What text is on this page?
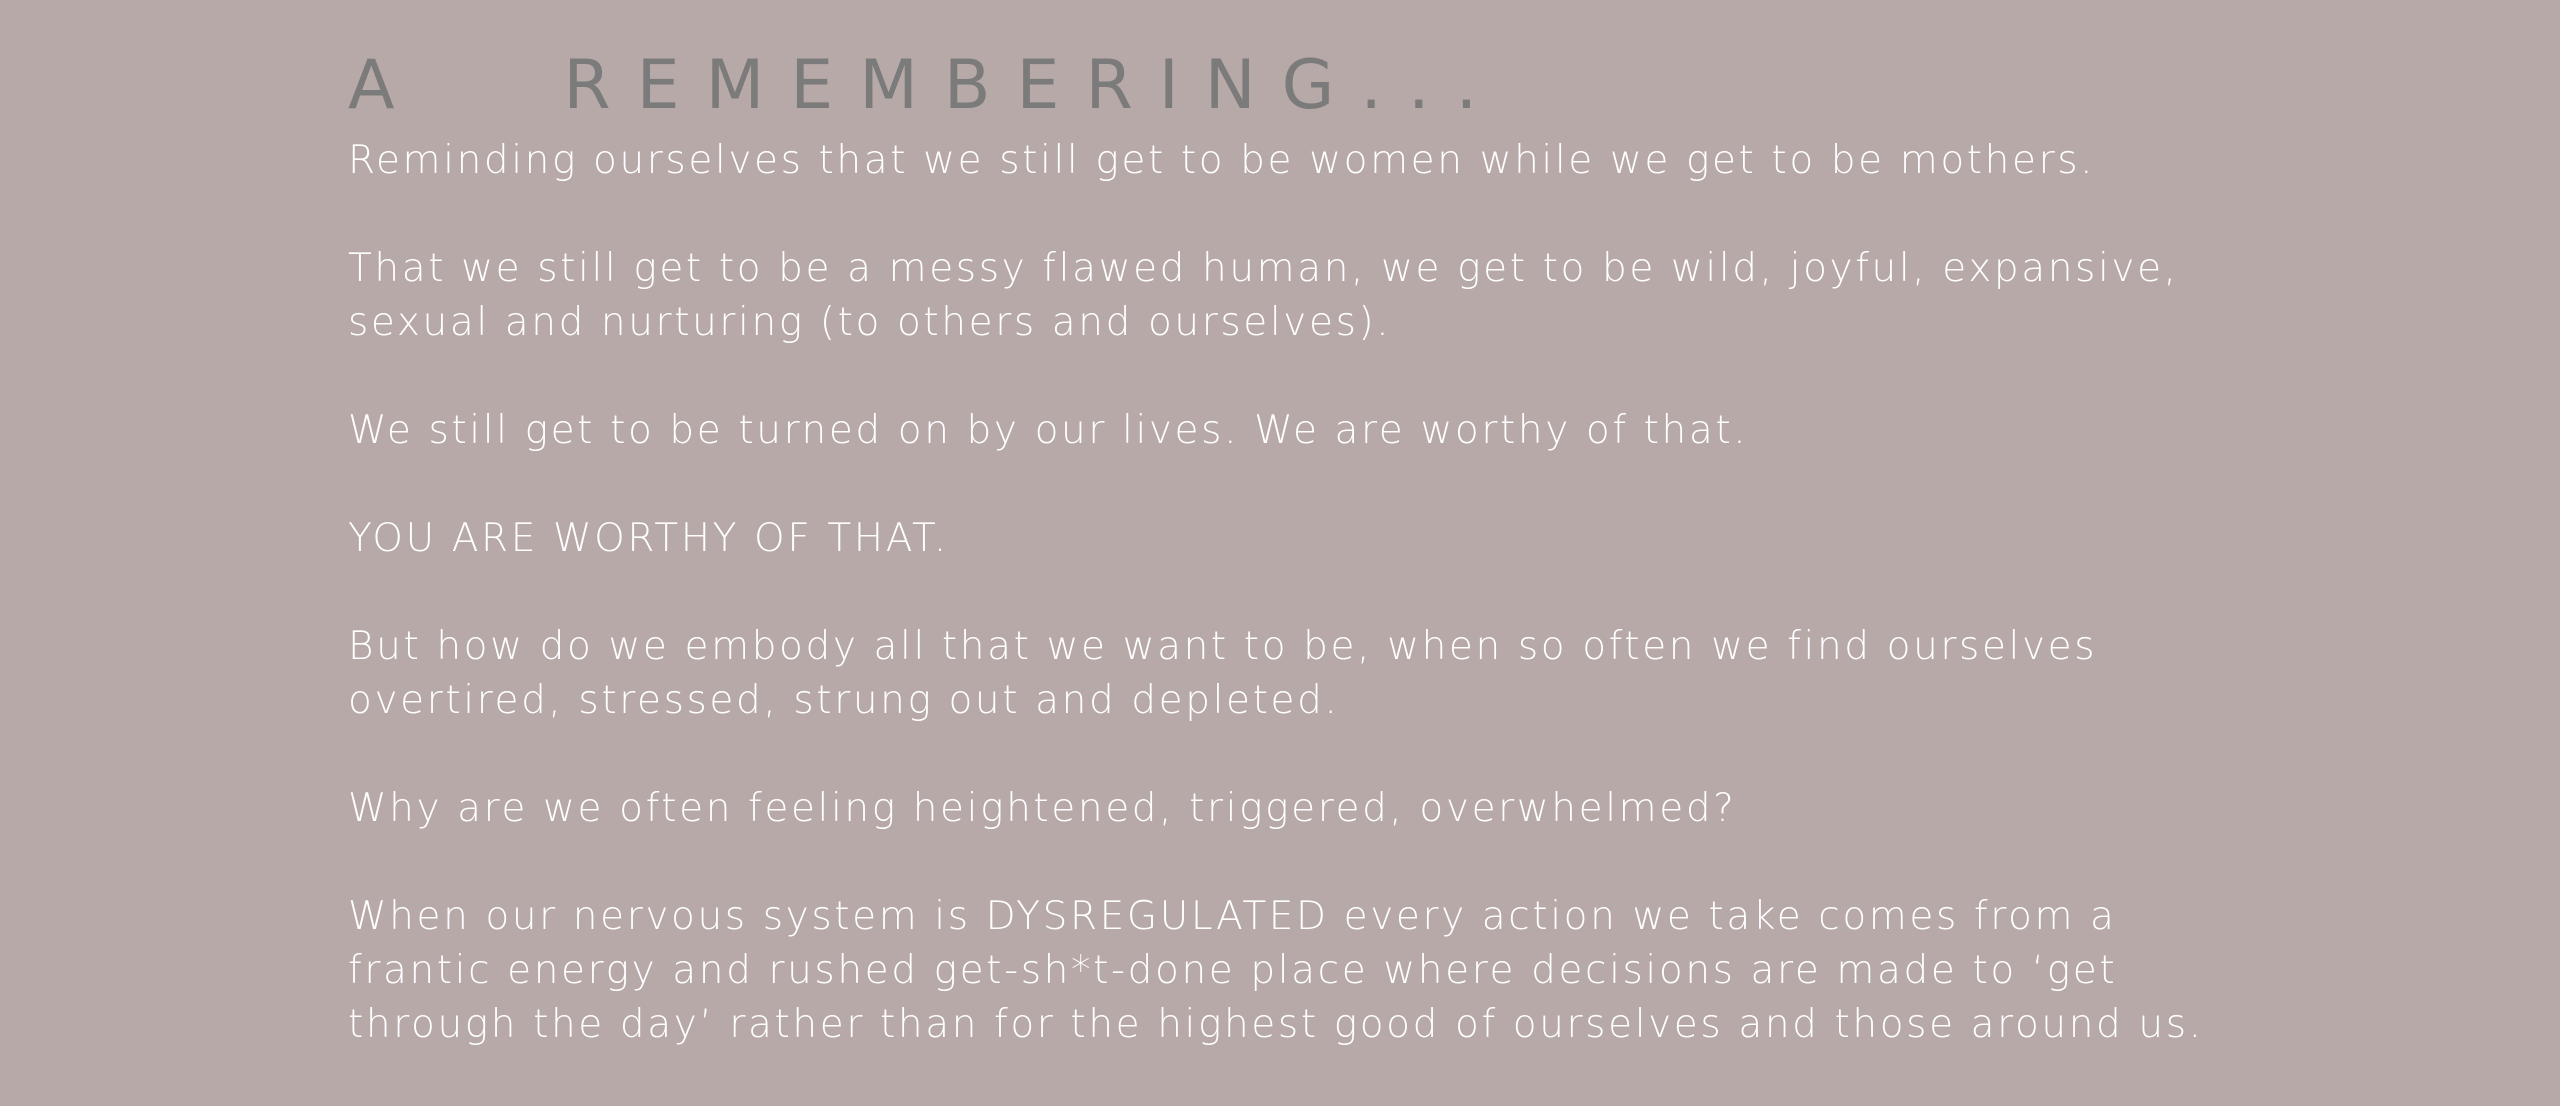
A   REMEMBERING...

Reminding ourselves that we still get to be women while we get to be mothers.

That we still get to be a messy flawed human, we get to be wild, joyful, expansive,
sexual and nurturing (to others and ourselves).

We still get to be turned on by our lives. We are worthy of that.

YOU ARE WORTHY OF THAT.

But how do we embody all that we want to be, when so often we find ourselves
overtired, stressed, strung out and depleted.

Why are we often feeling heightened, triggered, overwhelmed?

When our nervous system is DYSREGULATED every action we take comes from a
frantic energy and rushed get-sh*t-done place where decisions are made to ‘get
through the day’ rather than for the highest good of ourselves and those around us.
